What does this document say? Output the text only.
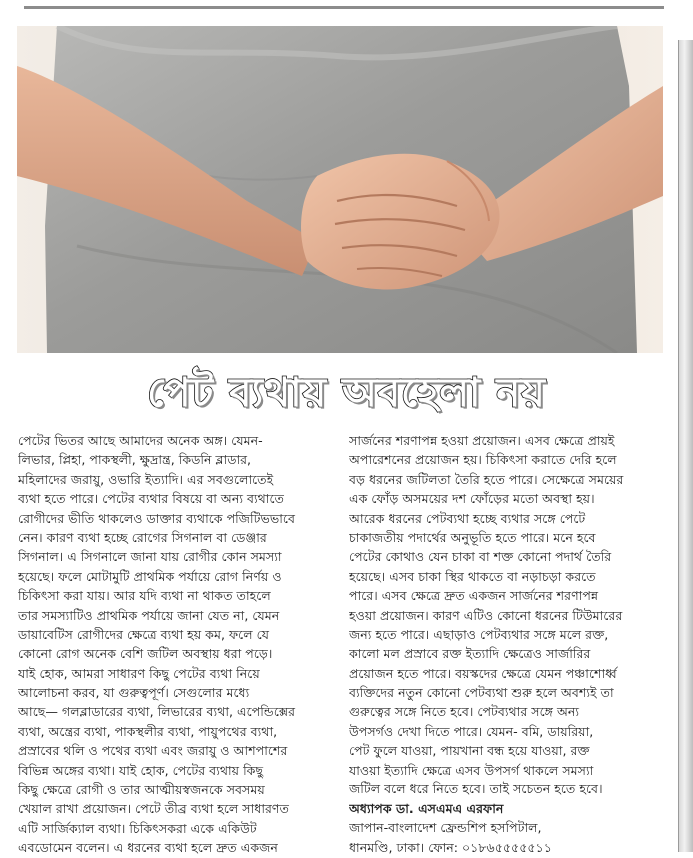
পেট ব্যথায় অবহেলা নয়
পেটের ভিতর আছে আমাদের অনেক অঙ্গ। যেমন-
লিভার, প্লিহা, পাকস্থলী, ক্ষুদ্রান্ত্র, কিডনি ব্লাডার,
মহিলাদের জরায়ু, ওভারি ইত্যাদি। এর সবগুলোতেই
ব্যথা হতে পারে। পেটের ব্যথার বিষয়ে বা অন্য ব্যথাতে
রোগীদের ভীতি থাকলেও ডাক্তার ব্যথাকে পজিটিভভাবে
নেন। কারণ ব্যথা হচ্ছে রোগের সিগনাল বা ডেঞ্জার
সিগনাল। এ সিগনালে জানা যায় রোগীর কোন সমস্যা
হয়েছে। ফলে মোটামুটি প্রাথমিক পর্যায়ে রোগ নির্ণয় ও
চিকিৎসা করা যায়। আর যদি ব্যথা না থাকত তাহলে
তার সমস্যাটিও প্রাথমিক পর্যায়ে জানা যেত না, যেমন
ডায়াবেটিস রোগীদের ক্ষেত্রে ব্যথা হয় কম, ফলে যে
কোনো রোগ অনেক বেশি জটিল অবস্থায় ধরা পড়ে।
যাই হোক, আমরা সাধারণ কিছু পেটের ব্যথা নিয়ে
আলোচনা করব, যা গুরুত্বপূর্ণ। সেগুলোর মধ্যে
আছে— গলব্লাডারের ব্যথা, লিভারের ব্যথা, এপেন্ডিক্সের
ব্যথা, অন্ত্রের ব্যথা, পাকস্থলীর ব্যথা, পায়ুপথের ব্যথা,
প্রস্রাবের থলি ও পথের ব্যথা এবং জরায়ু ও আশপাশের
বিভিন্ন অঙ্গের ব্যথা। যাই হোক, পেটের ব্যথায় কিছু
কিছু ক্ষেত্রে রোগী ও তার আত্মীয়স্বজনকে সবসময়
খেয়াল রাখা প্রয়োজন। পেটে তীব্র ব্যথা হলে সাধারণত
এটি সার্জিক্যাল ব্যথা। চিকিৎসকরা একে একিউট
এবডোমেন বলেন। এ ধরনের ব্যথা হলে দ্রুত একজন
সার্জনের শরণাপন্ন হওয়া প্রয়োজন। এসব ক্ষেত্রে প্রায়ই
অপারেশনের প্রয়োজন হয়। চিকিৎসা করাতে দেরি হলে
বড় ধরনের জটিলতা তৈরি হতে পারে। সেক্ষেত্রে সময়ের
এক ফোঁড় অসময়ের দশ ফোঁড়ের মতো অবস্থা হয়।
আরেক ধরনের পেটব্যথা হচ্ছে ব্যথার সঙ্গে পেটে
চাকাজতীয় পদার্থের অনুভূতি হতে পারে। মনে হবে
পেটের কোথাও যেন চাকা বা শক্ত কোনো পদার্থ তৈরি
হয়েছে। এসব চাকা স্থির থাকতে বা নড়াচড়া করতে
পারে। এসব ক্ষেত্রে দ্রুত একজন সার্জনের শরণাপন্ন
হওয়া প্রয়োজন। কারণ এটিও কোনো ধরনের টিউমারের
জন্য হতে পারে। এছাড়াও পেটব্যথার সঙ্গে মলে রক্ত,
কালো মল প্রস্রাবে রক্ত ইত্যাদি ক্ষেত্রেও সার্জারির
প্রয়োজন হতে পারে। বয়স্কদের ক্ষেত্রে যেমন পঞ্চাশোর্ধ্ব
ব্যক্তিদের নতুন কোনো পেটব্যথা শুরু হলে অবশ্যই তা
গুরুত্বের সঙ্গে নিতে হবে। পেটব্যথার সঙ্গে অন্য
উপসর্গও দেখা দিতে পারে। যেমন- বমি, ডায়রিয়া,
পেট ফুলে যাওয়া, পায়খানা বন্ধ হয়ে যাওয়া, রক্ত
যাওয়া ইত্যাদি ক্ষেত্রে এসব উপসর্গ থাকলে সমস্যা
জটিল বলে ধরে নিতে হবে। তাই সচেতন হতে হবে।
অধ্যাপক ডা. এসএমএ এরফান
জাপান-বাংলাদেশ ফ্রেন্ডশিপ হসপিটাল,
ধানমণ্ডি, ঢাকা। ফোন: ০১৮৬৫৫৫৫৫১১
